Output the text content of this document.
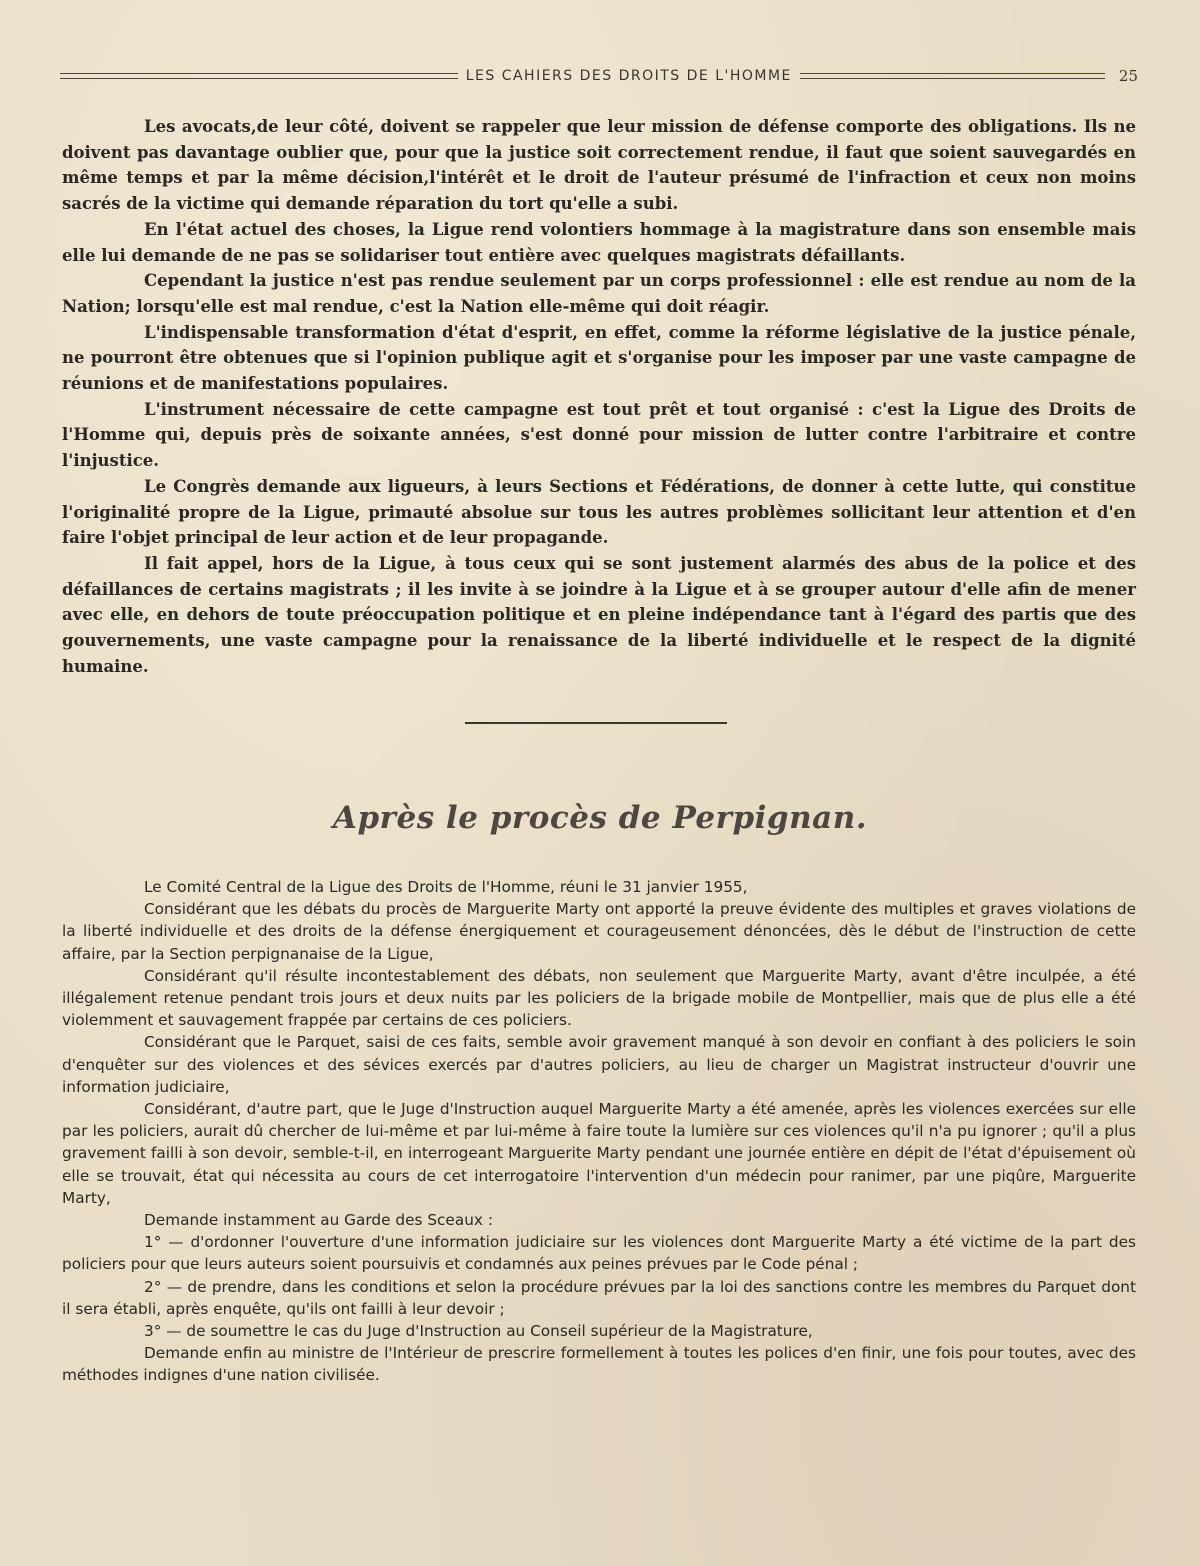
LES CAHIERS DES DROITS DE L'HOMME	25

Les avocats,de leur côté, doivent se rappeler que leur mission de défense comporte des obligations. Ils ne doivent pas davantage oublier que, pour que la justice soit correctement rendue, il faut que soient sauvegardés en même temps et par la même décision,l'intérêt et le droit de l'auteur présumé de l'infraction et ceux non moins sacrés de la victime qui demande réparation du tort qu'elle a subi.

En l'état actuel des choses, la Ligue rend volontiers hommage à la magistrature dans son ensemble mais elle lui demande de ne pas se solidariser tout entière avec quelques magistrats défaillants.

Cependant la justice n'est pas rendue seulement par un corps professionnel : elle est rendue au nom de la Nation; lorsqu'elle est mal rendue, c'est la Nation elle-même qui doit réagir.

L'indispensable transformation d'état d'esprit, en effet, comme la réforme législative de la justice pénale, ne pourront être obtenues que si l'opinion publique agit et s'organise pour les imposer par une vaste campagne de réunions et de manifestations populaires.

L'instrument nécessaire de cette campagne est tout prêt et tout organisé : c'est la Ligue des Droits de l'Homme qui, depuis près de soixante années, s'est donné pour mission de lutter contre l'arbitraire et contre l'injustice.

Le Congrès demande aux ligueurs, à leurs Sections et Fédérations, de donner à cette lutte, qui constitue l'originalité propre de la Ligue, primauté absolue sur tous les autres problèmes sollicitant leur attention et d'en faire l'objet principal de leur action et de leur propagande.

Il fait appel, hors de la Ligue, à tous ceux qui se sont justement alarmés des abus de la police et des défaillances de certains magistrats ; il les invite à se joindre à la Ligue et à se grouper autour d'elle afin de mener avec elle, en dehors de toute préoccupation politique et en pleine indépendance tant à l'égard des partis que des gouvernements, une vaste campagne pour la renaissance de la liberté individuelle et le respect de la dignité humaine.

Après le procès de Perpignan.

Le Comité Central de la Ligue des Droits de l'Homme, réuni le 31 janvier 1955,

Considérant que les débats du procès de Marguerite Marty ont apporté la preuve évidente des multiples et graves violations de la liberté individuelle et des droits de la défense énergiquement et courageusement dénoncées, dès le début de l'instruction de cette affaire, par la Section perpignanaise de la Ligue,

Considérant qu'il résulte incontestablement des débats, non seulement que Marguerite Marty, avant d'être inculpée, a été illégalement retenue pendant trois jours et deux nuits par les policiers de la brigade mobile de Montpellier, mais que de plus elle a été violemment et sauvagement frappée par certains de ces policiers.

Considérant que le Parquet, saisi de ces faits, semble avoir gravement manqué à son devoir en confiant à des policiers le soin d'enquêter sur des violences et des sévices exercés par d'autres policiers, au lieu de charger un Magistrat instructeur d'ouvrir une information judiciaire,

Considérant, d'autre part, que le Juge d'Instruction auquel Marguerite Marty a été amenée, après les violences exercées sur elle par les policiers, aurait dû chercher de lui-même et par lui-même à faire toute la lumière sur ces violences qu'il n'a pu ignorer ; qu'il a plus gravement failli à son devoir, semble-t-il, en interrogeant Marguerite Marty pendant une journée entière en dépit de l'état d'épuisement où elle se trouvait, état qui nécessita au cours de cet interrogatoire l'intervention d'un médecin pour ranimer, par une piqûre, Marguerite Marty,

Demande instamment au Garde des Sceaux :

1° — d'ordonner l'ouverture d'une information judiciaire sur les violences dont Marguerite Marty a été victime de la part des policiers pour que leurs auteurs soient poursuivis et condamnés aux peines prévues par le Code pénal ;

2° — de prendre, dans les conditions et selon la procédure prévues par la loi des sanctions contre les membres du Parquet dont il sera établi, après enquête, qu'ils ont failli à leur devoir ;

3° — de soumettre le cas du Juge d'Instruction au Conseil supérieur de la Magistrature,

Demande enfin au ministre de l'Intérieur de prescrire formellement à toutes les polices d'en finir, une fois pour toutes, avec des méthodes indignes d'une nation civilisée.
